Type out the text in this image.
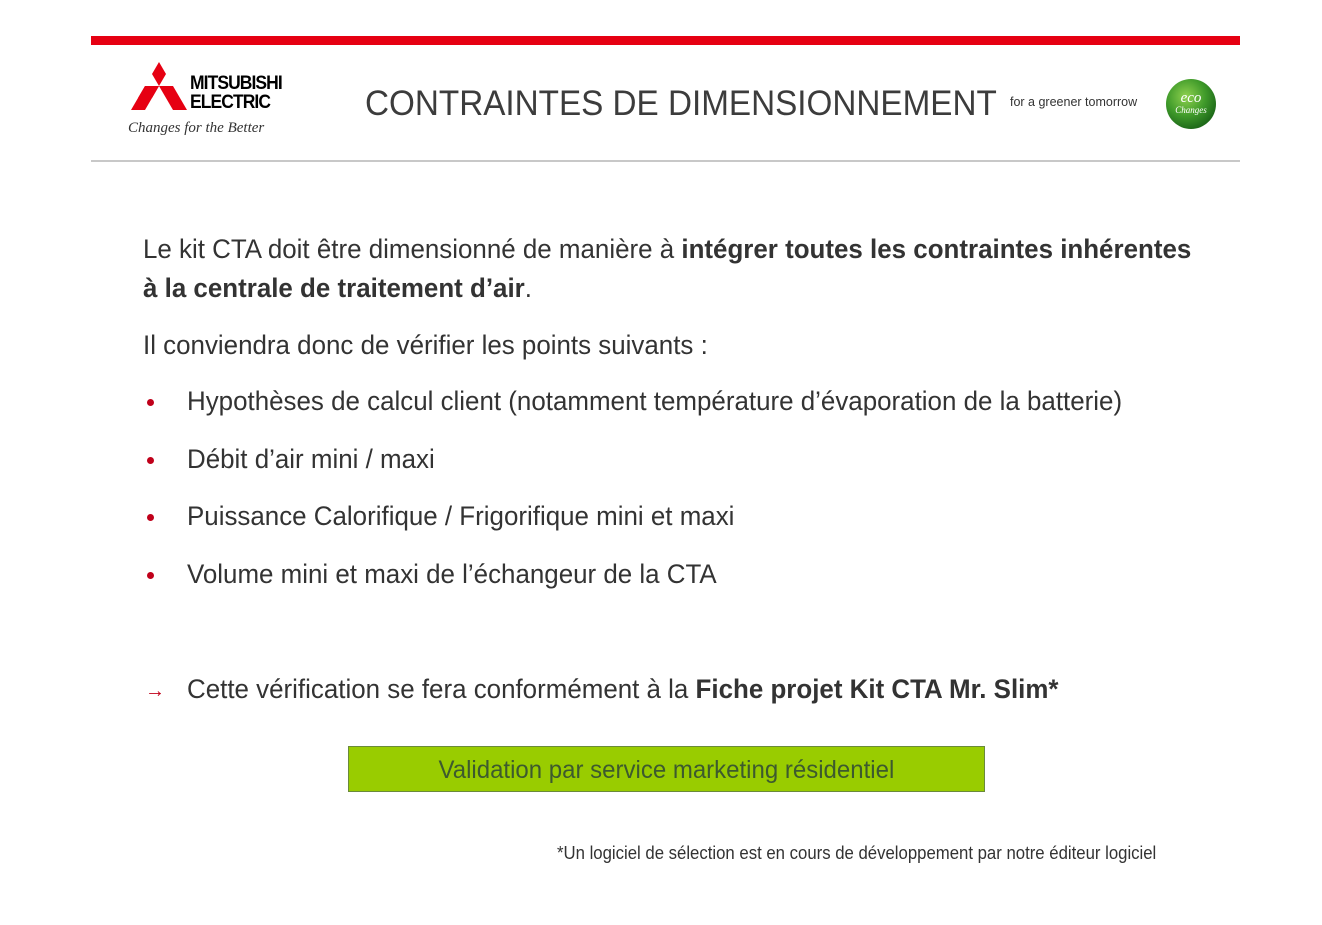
MITSUBISHI
ELECTRIC
Changes for the Better
CONTRAINTES DE DIMENSIONNEMENT for a greener tomorrow	eco
Changes
Le kit CTA doit être dimensionné de manière à intégrer toutes les contraintes inhérentes
à la centrale de traitement d’air.
Il conviendra donc de vérifier les points suivants :
Hypothèses de calcul client (notamment température d’évaporation de la batterie)
Débit d’air mini / maxi
Puissance Calorifique / Frigorifique mini et maxi
Volume mini et maxi de l’échangeur de la CTA
→ Cette vérification se fera conformément à la Fiche projet Kit CTA Mr. Slim*
Validation par service marketing résidentiel
*Un logiciel de sélection est en cours de développement par notre éditeur logiciel
